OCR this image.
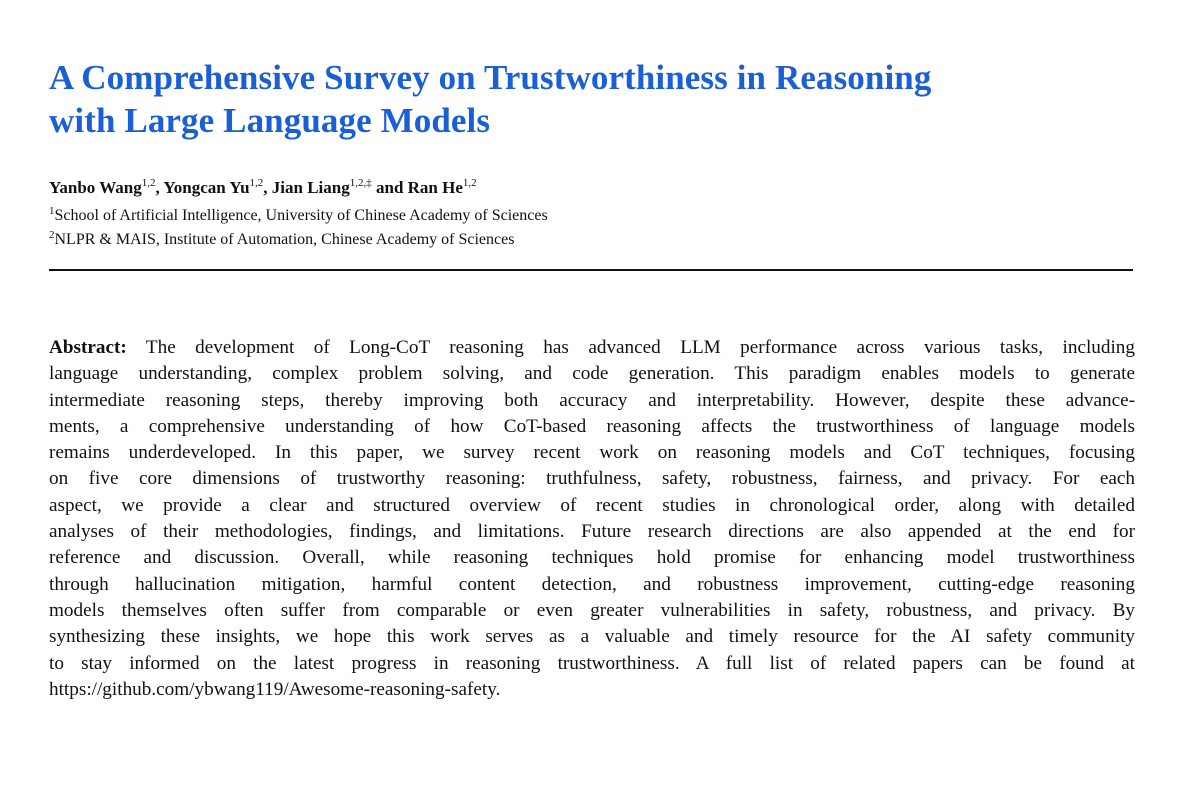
A Comprehensive Survey on Trustworthiness in Reasoning
with Large Language Models
Yanbo Wang$^{1,2}$, Yongcan Yu$^{1,2}$, Jian Liang$^{1,2,\ddagger}$ and Ran He$^{1,2}$
$^1$School of Artificial Intelligence, University of Chinese Academy of Sciences
$^2$NLPR & MAIS, Institute of Automation, Chinese Academy of Sciences
Abstract: The development of Long-CoT reasoning has advanced LLM performance across various tasks, including
language understanding, complex problem solving, and code generation. This paradigm enables models to generate
intermediate reasoning steps, thereby improving both accuracy and interpretability. However, despite these advance-
ments, a comprehensive understanding of how CoT-based reasoning affects the trustworthiness of language models
remains underdeveloped. In this paper, we survey recent work on reasoning models and CoT techniques, focusing
on five core dimensions of trustworthy reasoning: truthfulness, safety, robustness, fairness, and privacy. For each
aspect, we provide a clear and structured overview of recent studies in chronological order, along with detailed
analyses of their methodologies, findings, and limitations. Future research directions are also appended at the end for
reference and discussion. Overall, while reasoning techniques hold promise for enhancing model trustworthiness
through hallucination mitigation, harmful content detection, and robustness improvement, cutting-edge reasoning
models themselves often suffer from comparable or even greater vulnerabilities in safety, robustness, and privacy. By
synthesizing these insights, we hope this work serves as a valuable and timely resource for the AI safety community
to stay informed on the latest progress in reasoning trustworthiness. A full list of related papers can be found at
https://github.com/ybwang119/Awesome-reasoning-safety.
